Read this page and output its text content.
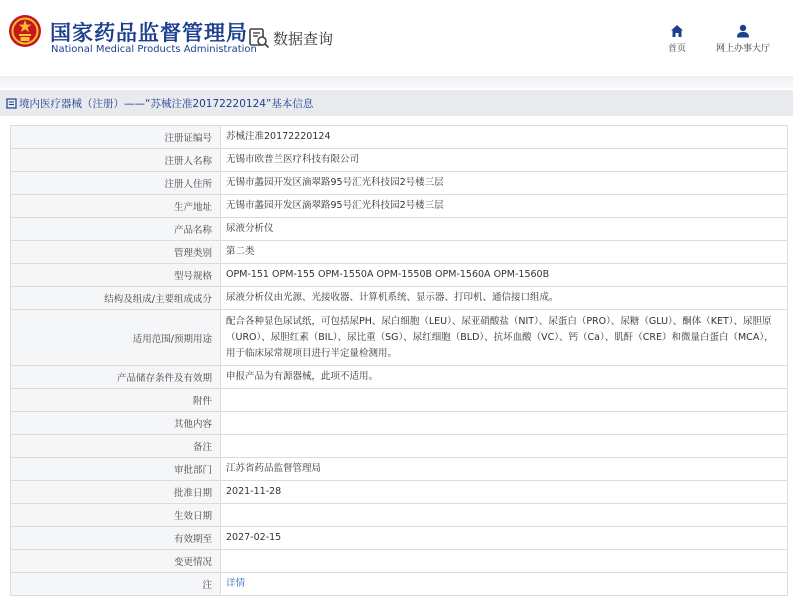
国家药品监督管理局
National Medical Products Administration
数据查询
首页	网上办事大厅
境内医疗器械（注册）——“苏械注准20172220124”基本信息
注册证编号	苏械注准20172220124
注册人名称	无锡市欧普兰医疗科技有限公司
注册人住所	无锡市蠡园开发区滴翠路95号汇光科技园2号楼三层
生产地址	无锡市蠡园开发区滴翠路95号汇光科技园2号楼三层
产品名称	尿液分析仪
管理类别	第二类
型号规格	OPM-151 OPM-155 OPM-1550A OPM-1550B OPM-1560A OPM-1560B
结构及组成/主要组成成分	尿液分析仪由光源、光接收器、计算机系统、显示器、打印机、通信接口组成。
适用范围/预期用途	配合各种显色尿试纸，可包括尿PH、尿白细胞（LEU）、尿亚硝酸盐（NIT）、尿蛋白（PRO）、尿糖（GLU）、酮体（KET）、尿胆原（URO）、尿胆红素（BIL）、尿比重（SG）、尿红细胞（BLD）、抗坏血酸（VC）、钙（Ca）、肌酐（CRE）和微量白蛋白（MCA），用于临床尿常规项目进行半定量检测用。
产品储存条件及有效期	申报产品为有源器械，此项不适用。
附件	
其他内容	
备注	
审批部门	江苏省药品监督管理局
批准日期	2021-11-28
生效日期	
有效期至	2027-02-15
变更情况	
注	详情
